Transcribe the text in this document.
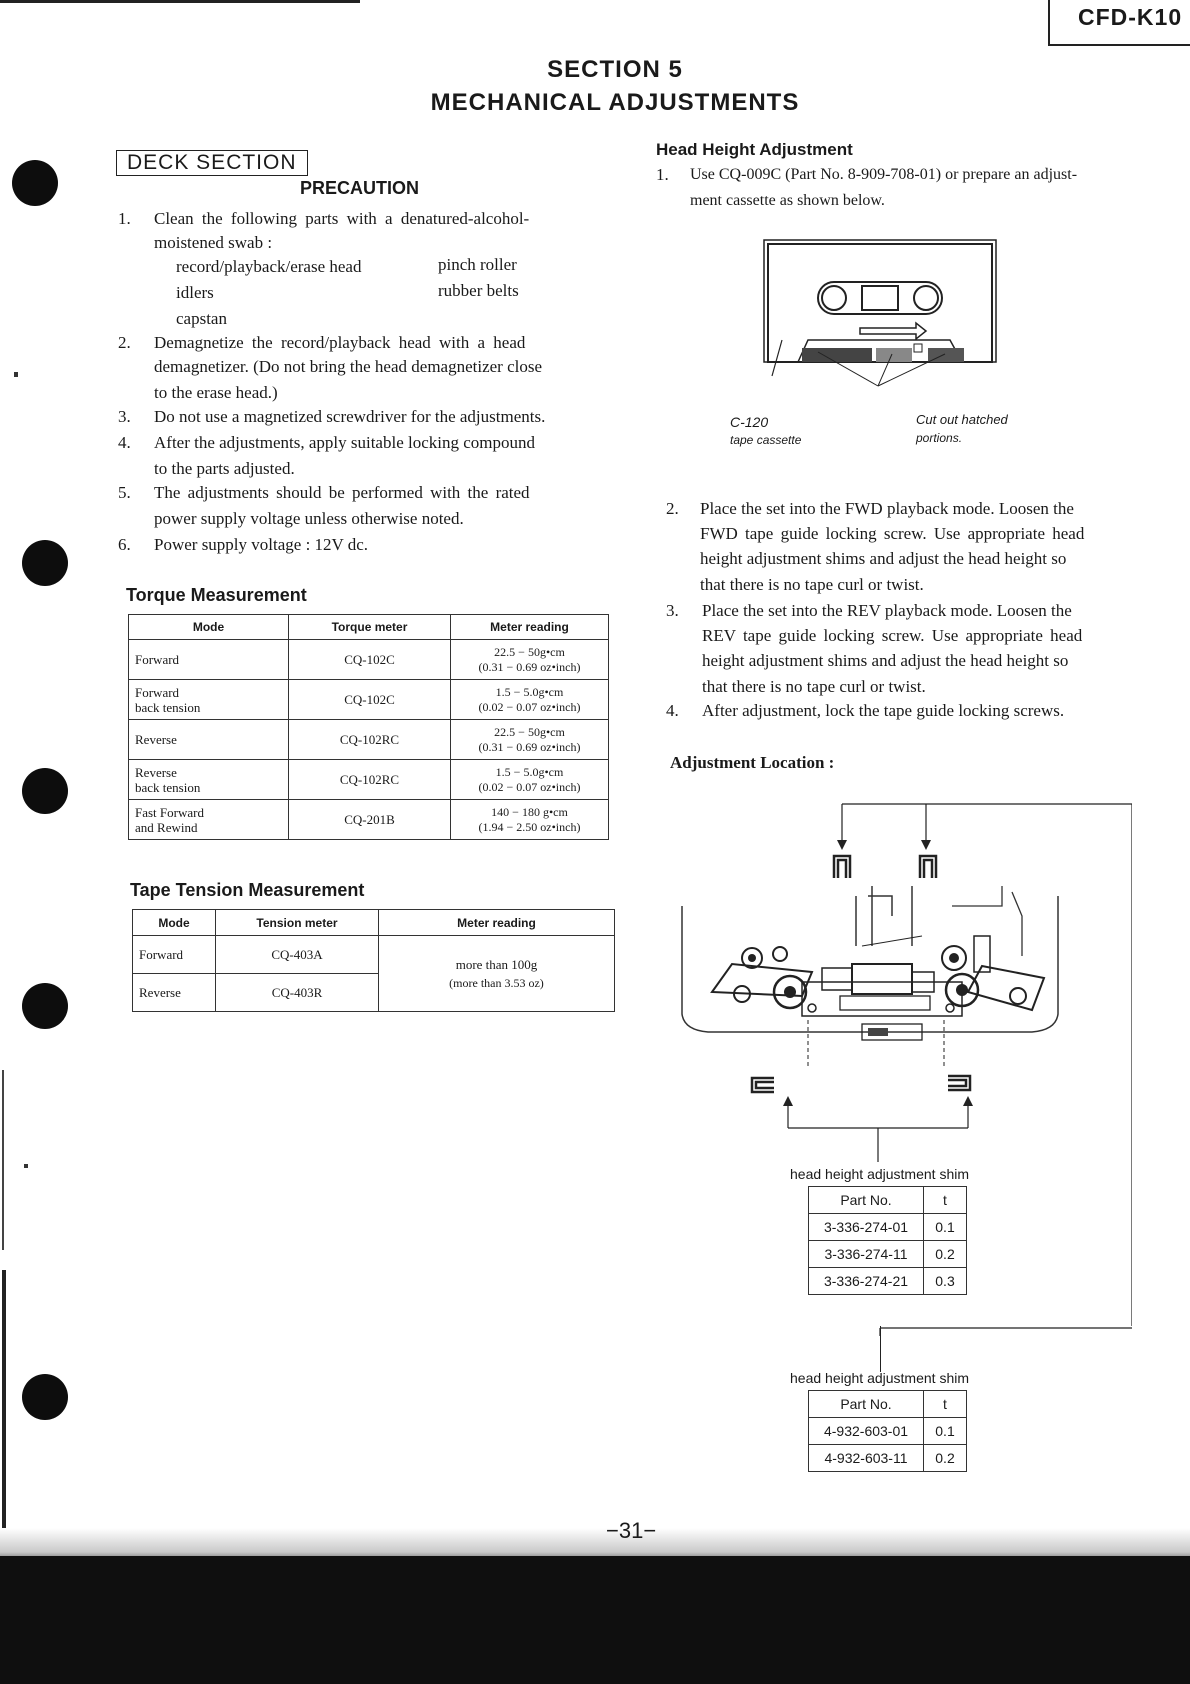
CFD-K10
SECTION 5
MECHANICAL ADJUSTMENTS
DECK SECTION
PRECAUTION
1. Clean the following parts with a denatured-alcohol-
moistened swab :
record/playback/erase head
idlers
capstan
pinch roller
rubber belts
2. Demagnetize the record/playback head with a head
demagnetizer. (Do not bring the head demagnetizer close
to the erase head.)
3. Do not use a magnetized screwdriver for the adjustments.
4. After the adjustments, apply suitable locking compound
to the parts adjusted.
5. The adjustments should be performed with the rated
power supply voltage unless otherwise noted.
6. Power supply voltage : 12V dc.
Torque Measurement
Mode	Torque meter	Meter reading
Forward	CQ-102C	22.5 − 50g•cm
(0.31 − 0.69 oz•inch)
Forward
back tension	CQ-102C	1.5 − 5.0g•cm
(0.02 − 0.07 oz•inch)
Reverse	CQ-102RC	22.5 − 50g•cm
(0.31 − 0.69 oz•inch)
Reverse
back tension	CQ-102RC	1.5 − 5.0g•cm
(0.02 − 0.07 oz•inch)
Fast Forward
and Rewind	CQ-201B	140 − 180 g•cm
(1.94 − 2.50 oz•inch)
Tape Tension Measurement
Mode	Tension meter	Meter reading
Forward	CQ-403A	more than 100g
(more than 3.53 oz)
Reverse	CQ-403R	
Head Height Adjustment
1. Use CQ-009C (Part No. 8-909-708-01) or prepare an adjust-
ment cassette as shown below.
2. Place the set into the FWD playback mode. Loosen the
FWD tape guide locking screw. Use appropriate head
height adjustment shims and adjust the head height so
that there is no tape curl or twist.
3. Place the set into the REV playback mode. Loosen the
REV tape guide locking screw. Use appropriate head
height adjustment shims and adjust the head height so
that there is no tape curl or twist.
4. After adjustment, lock the tape guide locking screws.
C-120
tape cassette
Cut out hatched
portions.
Adjustment Location :
head height adjustment shim
Part No.	t
3-336-274-01	0.1
3-336-274-11	0.2
3-336-274-21	0.3
head height adjustment shim
Part No.	t
4-932-603-01	0.1
4-932-603-11	0.2
−31−
